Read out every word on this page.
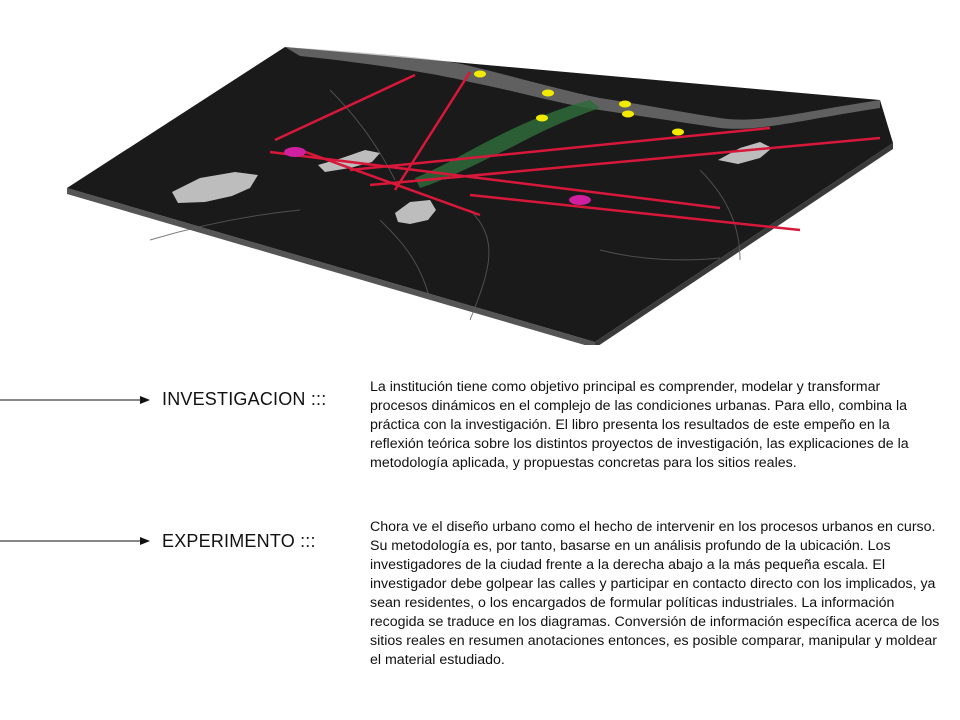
INVESTIGACION :::
La institución tiene como objetivo principal es comprender, modelar y transformar procesos dinámicos en el complejo de las condiciones urbanas. Para ello, combina la práctica con la investigación. El libro presenta los resultados de este empeño en la reflexión teórica sobre los distintos proyectos de investigación, las explicaciones de la metodología aplicada, y propuestas concretas para los sitios reales.
EXPERIMENTO :::
Chora ve el diseño urbano como el hecho de intervenir en los procesos urbanos en curso. Su metodología es, por tanto, basarse en un análisis profundo de la ubicación. Los investigadores de la ciudad frente a la derecha abajo a la más pequeña escala. El investigador debe golpear las calles y participar en contacto directo con los implicados, ya sean residentes, o los encargados de formular políticas industriales. La información recogida se traduce en los diagramas. Conversión de información específica acerca de los sitios reales en resumen anotaciones entonces, es posible comparar, manipular y moldear el material estudiado.
